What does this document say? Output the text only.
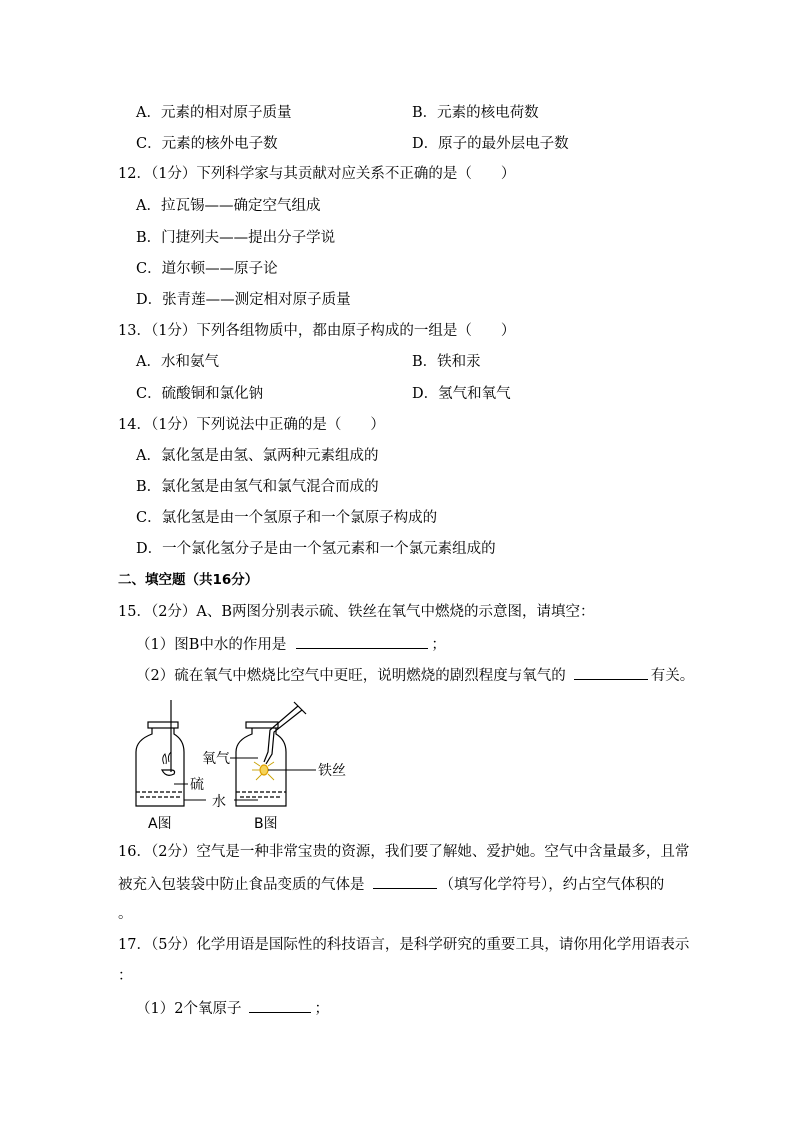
A．元素的相对原子质量	B．元素的核电荷数
C．元素的核外电子数	D．原子的最外层电子数
12．（1分）下列科学家与其贡献对应关系不正确的是（　　）
A．拉瓦锡——确定空气组成
B．门捷列夫——提出分子学说
C．道尔顿——原子论
D．张青莲——测定相对原子质量
13．（1分）下列各组物质中，都由原子构成的一组是（　　）
A．水和氨气	B．铁和汞
C．硫酸铜和氯化钠	D．氢气和氧气
14．（1分）下列说法中正确的是（　　）
A．氯化氢是由氢、氯两种元素组成的
B．氯化氢是由氢气和氯气混合而成的
C．氯化氢是由一个氢原子和一个氯原子构成的
D．一个氯化氢分子是由一个氢元素和一个氯元素组成的
二、填空题（共16分）
15．（2分）A、B两图分别表示硫、铁丝在氧气中燃烧的示意图，请填空：
（1）图B中水的作用是	；
（2）硫在氧气中燃烧比空气中更旺，说明燃烧的剧烈程度与氧气的	有关。
氧气
硫
水
铁丝
A图	B图
16．（2分）空气是一种非常宝贵的资源，我们要了解她、爱护她。空气中含量最多，且常
被充入包装袋中防止食品变质的气体是	（填写化学符号），约占空气体积的
。
17．（5分）化学用语是国际性的科技语言，是科学研究的重要工具，请你用化学用语表示
：
（1）2个氧原子	；
